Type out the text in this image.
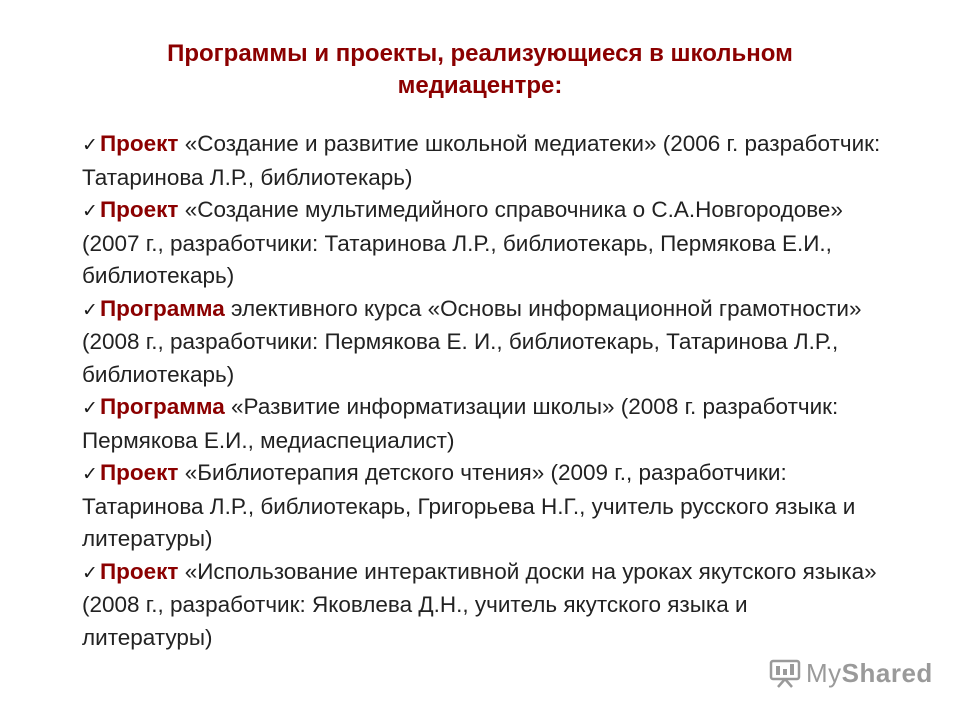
Программы и проекты, реализующиеся в школьном медиацентре:
✓Проект «Создание и развитие школьной медиатеки» (2006 г. разработчик: Татаринова Л.Р., библиотекарь)
✓Проект «Создание мультимедийного справочника о С.А.Новгородове» (2007 г., разработчики: Татаринова Л.Р., библиотекарь, Пермякова Е.И., библиотекарь)
✓Программа элективного курса «Основы информационной грамотности» (2008 г., разработчики: Пермякова Е. И., библиотекарь, Татаринова Л.Р., библиотекарь)
✓Программа «Развитие информатизации школы» (2008 г. разработчик: Пермякова Е.И., медиаспециалист)
✓Проект «Библиотерапия детского чтения» (2009 г., разработчики: Татаринова Л.Р., библиотекарь, Григорьева Н.Г., учитель русского языка и литературы)
✓Проект «Использование интерактивной доски на уроках якутского языка» (2008 г., разработчик: Яковлева Д.Н., учитель якутского языка и литературы)
MyShared
